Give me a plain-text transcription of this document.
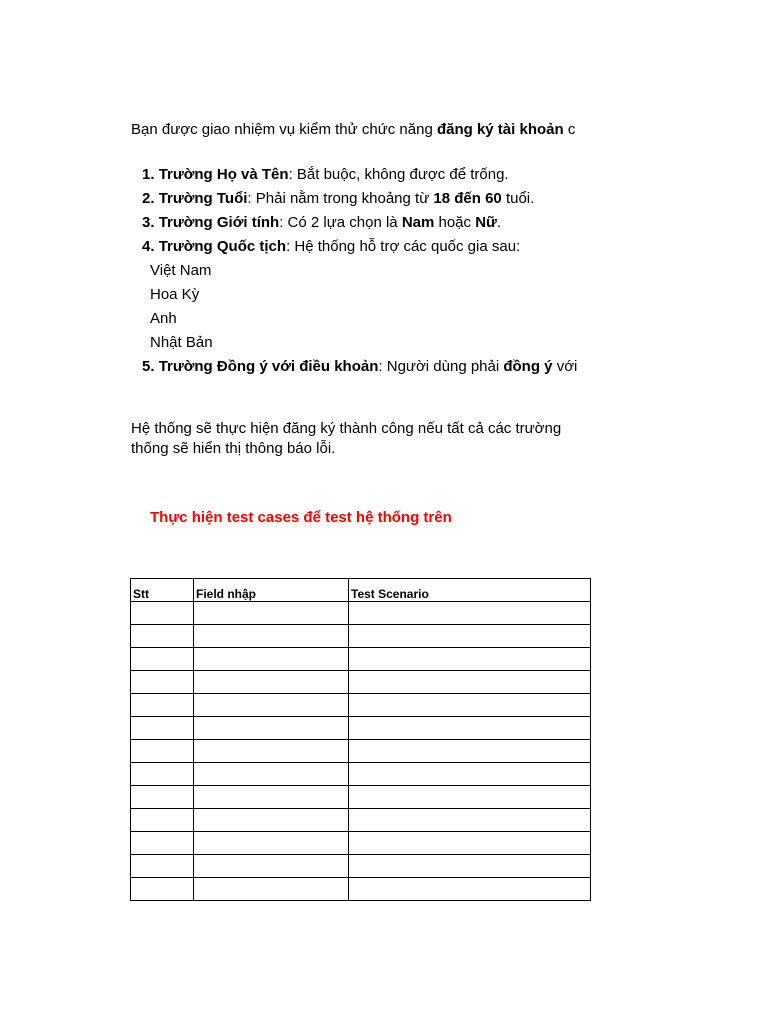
Bạn được giao nhiệm vụ kiểm thử chức năng đăng ký tài khoản c
1. Trường Họ và Tên: Bắt buộc, không được để trống.
2. Trường Tuổi: Phải nằm trong khoảng từ 18 đến 60 tuổi.
3. Trường Giới tính: Có 2 lựa chọn là Nam hoặc Nữ.
4. Trường Quốc tịch: Hệ thống hỗ trợ các quốc gia sau:
Việt Nam
Hoa Kỳ
Anh
Nhật Bản
5. Trường Đồng ý với điều khoản: Người dùng phải đồng ý với
Hệ thống sẽ thực hiện đăng ký thành công nếu tất cả các trường
thống sẽ hiển thị thông báo lỗi.
Thực hiện test cases để test hệ thống trên
Stt	Field nhập	Test Scenario
